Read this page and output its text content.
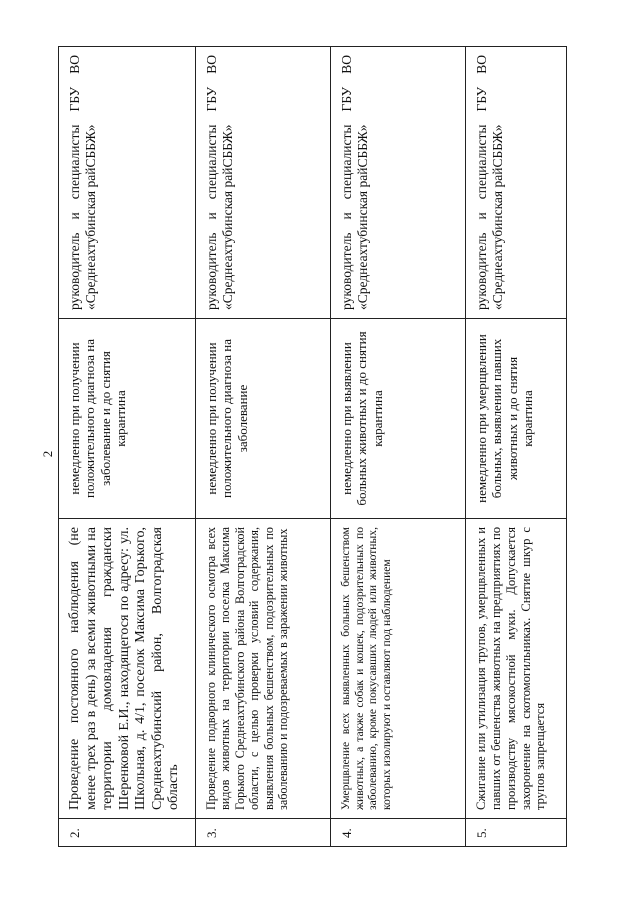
2
2.	Проведение постоянного наблюдения (не менее трех раз в день) за всеми животными на территории домовладения граждански Шеренковой Е.И., находящегося по адресу: ул. Школьная, д. 4/1, поселок Максима Горького, Среднеахтубинский район, Волгоградская область	немедленно при получении положительного диагноза на заболевание и до снятия карантина	руководитель и специалисты ГБУ ВО «Среднеахтубинская райСББЖ»
3.	Проведение подворного клинического осмотра всех видов животных на территории поселка Максима Горького Среднеахтубинского района Волгоградской области, с целью проверки условий содержания, выявления больных бешенством, подозрительных по заболеванию и подозреваемых в заражении животных	немедленно при получении положительного диагноза на заболевание	руководитель и специалисты ГБУ ВО «Среднеахтубинская райСББЖ»
4.	Умерщвление всех выявленных больных бешенством животных, а также собак и кошек, подозрительных по заболеванию, кроме покусавших людей или животных, которых изолируют и оставляют под наблюдением	немедленно при выявлении больных животных и до снятия карантина	руководитель и специалисты ГБУ ВО «Среднеахтубинская райСББЖ»
5.	Сжигание или утилизация трупов, умерщвленных и павших от бешенства животных на предприятиях по производству мясокостной муки. Допускается захоронение на скотомогильниках. Снятие шкур с трупов запрещается	немедленно при умерщвлении больных, выявлении павших животных и до снятия карантина	руководитель и специалисты ГБУ ВО «Среднеахтубинская райСББЖ»
